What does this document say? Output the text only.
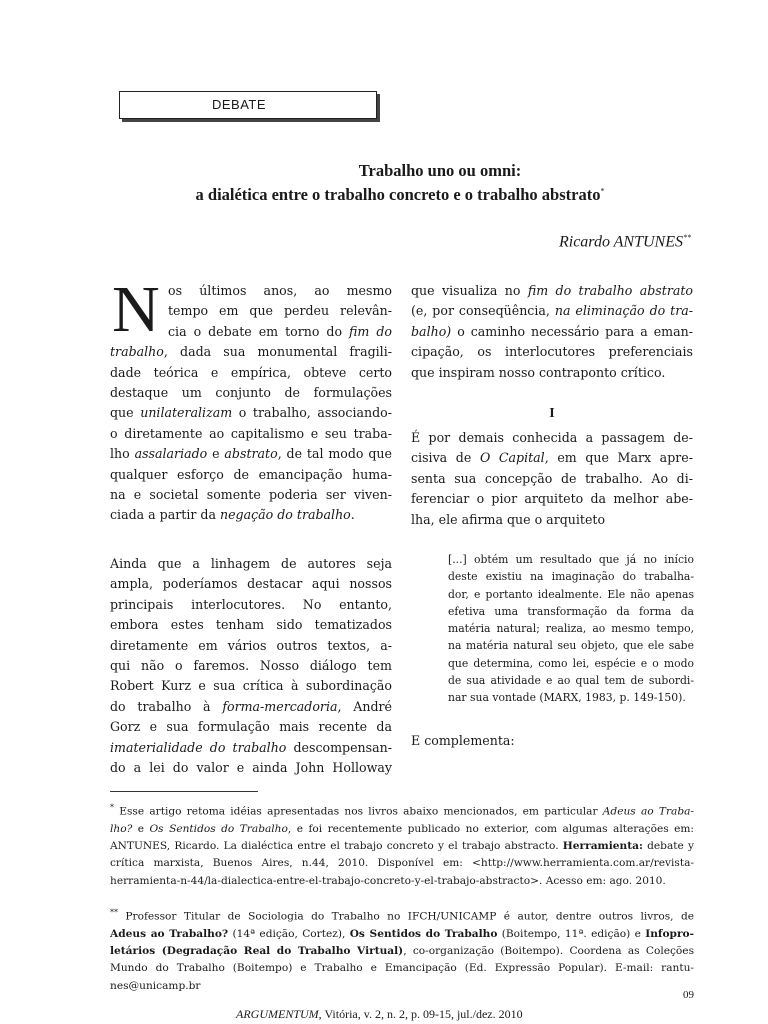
DEBATE
Trabalho uno ou omni:
a dialética entre o trabalho concreto e o trabalho abstrato*
Ricardo ANTUNES**
N os últimos anos, ao mesmo
tempo em que perdeu relevân-
cia o debate em torno do fim do
trabalho, dada sua monumental fragili-
dade teórica e empírica, obteve certo
destaque um conjunto de formulações
que unilateralizam o trabalho, associando-
o diretamente ao capitalismo e seu traba-
lho assalariado e abstrato, de tal modo que
qualquer esforço de emancipação huma-
na e societal somente poderia ser viven-
ciada a partir da negação do trabalho.
Ainda que a linhagem de autores seja
ampla, poderíamos destacar aqui nossos
principais interlocutores. No entanto,
embora estes tenham sido tematizados
diretamente em vários outros textos, a-
qui não o faremos. Nosso diálogo tem
Robert Kurz e sua crítica à subordinação
do trabalho à forma-mercadoria, André
Gorz e sua formulação mais recente da
imaterialidade do trabalho descompensan-
do a lei do valor e ainda John Holloway
que visualiza no fim do trabalho abstrato
(e, por conseqüência, na eliminação do tra-
balho) o caminho necessário para a eman-
cipação, os interlocutores preferenciais
que inspiram nosso contraponto crítico.
I
É por demais conhecida a passagem de-
cisiva de O Capital, em que Marx apre-
senta sua concepção de trabalho. Ao di-
ferenciar o pior arquiteto da melhor abe-
lha, ele afirma que o arquiteto
[...] obtém um resultado que já no início
deste existiu na imaginação do trabalha-
dor, e portanto idealmente. Ele não apenas
efetiva uma transformação da forma da
matéria natural; realiza, ao mesmo tempo,
na matéria natural seu objeto, que ele sabe
que determina, como lei, espécie e o modo
de sua atividade e ao qual tem de subordi-
nar sua vontade (MARX, 1983, p. 149-150).
E complementa:
* Esse artigo retoma idéias apresentadas nos livros abaixo mencionados, em particular Adeus ao Traba-
lho? e Os Sentidos do Trabalho, e foi recentemente publicado no exterior, com algumas alterações em:
ANTUNES, Ricardo. La dialéctica entre el trabajo concreto y el trabajo abstracto. Herramienta: debate y
crítica marxista, Buenos Aires, n.44, 2010. Disponível em: <http://www.herramienta.com.ar/revista-
herramienta-n-44/la-dialectica-entre-el-trabajo-concreto-y-el-trabajo-abstracto>. Acesso em: ago. 2010.
** Professor Titular de Sociologia do Trabalho no IFCH/UNICAMP é autor, dentre outros livros, de
Adeus ao Trabalho? (14ª edição, Cortez), Os Sentidos do Trabalho (Boitempo, 11ª. edição) e Infopro-
letários (Degradação Real do Trabalho Virtual), co-organização (Boitempo). Coordena as Coleções
Mundo do Trabalho (Boitempo) e Trabalho e Emancipação (Ed. Expressão Popular). E-mail: rantu-
nes@unicamp.br
09
ARGUMENTUM, Vitória, v. 2, n. 2, p. 09-15, jul./dez. 2010
